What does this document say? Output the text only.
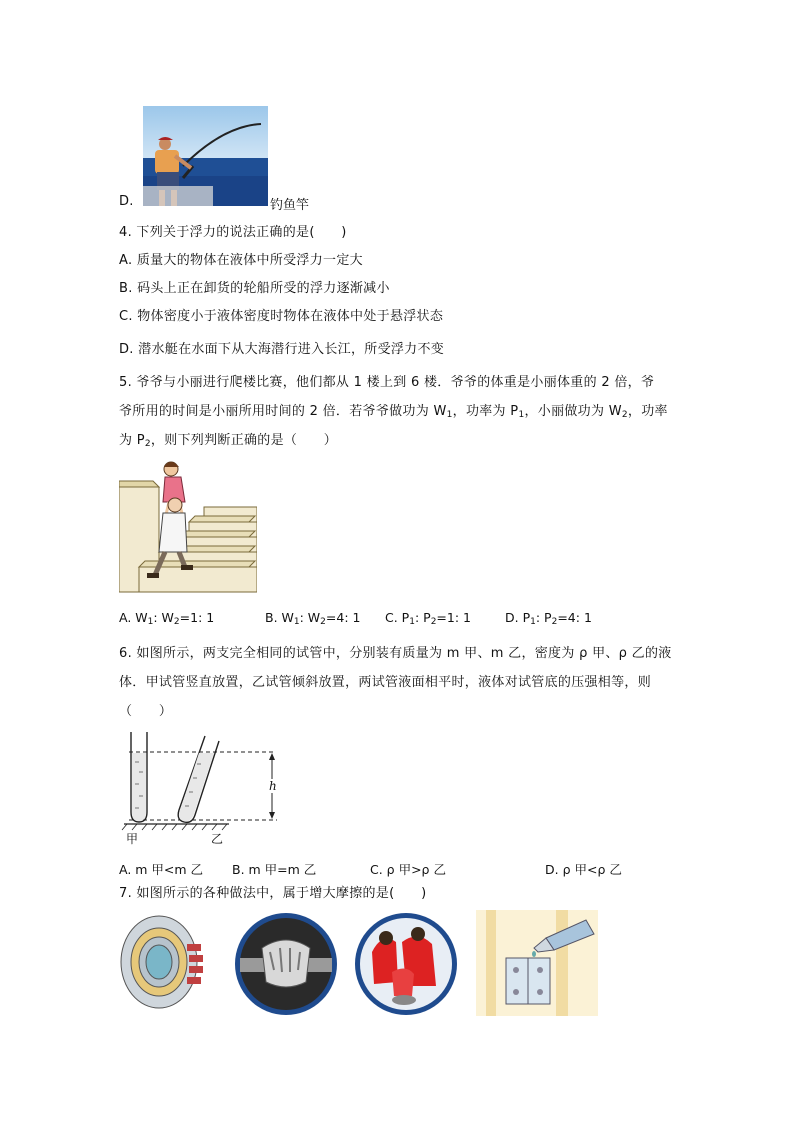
D.	钓鱼竿
4. 下列关于浮力的说法正确的是(　　)
A. 质量大的物体在液体中所受浮力一定大
B. 码头上正在卸货的轮船所受的浮力逐渐减小
C. 物体密度小于液体密度时物体在液体中处于悬浮状态
D. 潜水艇在水面下从大海潜行进入长江，所受浮力不变
5. 爷爷与小丽进行爬楼比赛，他们都从 1 楼上到 6 楼．爷爷的体重是小丽体重的 2 倍，爷
爷所用的时间是小丽所用时间的 2 倍．若爷爷做功为 $W_1$，功率为 $P_1$，小丽做功为 $W_2$，功率
为 $P_2$，则下列判断正确的是（　　）
A. $W_1$: $W_2=1$: 1	B. $W_1$: $W_2=4$: 1 C. $P_1$: $P_2=1$: 1	D. $P_1$: $P_2=4$: 1
6. 如图所示，两支完全相同的试管中，分别装有质量为 m 甲、m 乙，密度为 ρ 甲、ρ 乙的液
体．甲试管竖直放置，乙试管倾斜放置，两试管液面相平时，液体对试管底的压强相等，则
（　　）
h
甲	乙
A. m 甲<m 乙 B. m 甲=m 乙	C. ρ 甲>ρ 乙	D. ρ 甲<ρ 乙
7. 如图所示的各种做法中，属于增大摩擦的是(　　)
